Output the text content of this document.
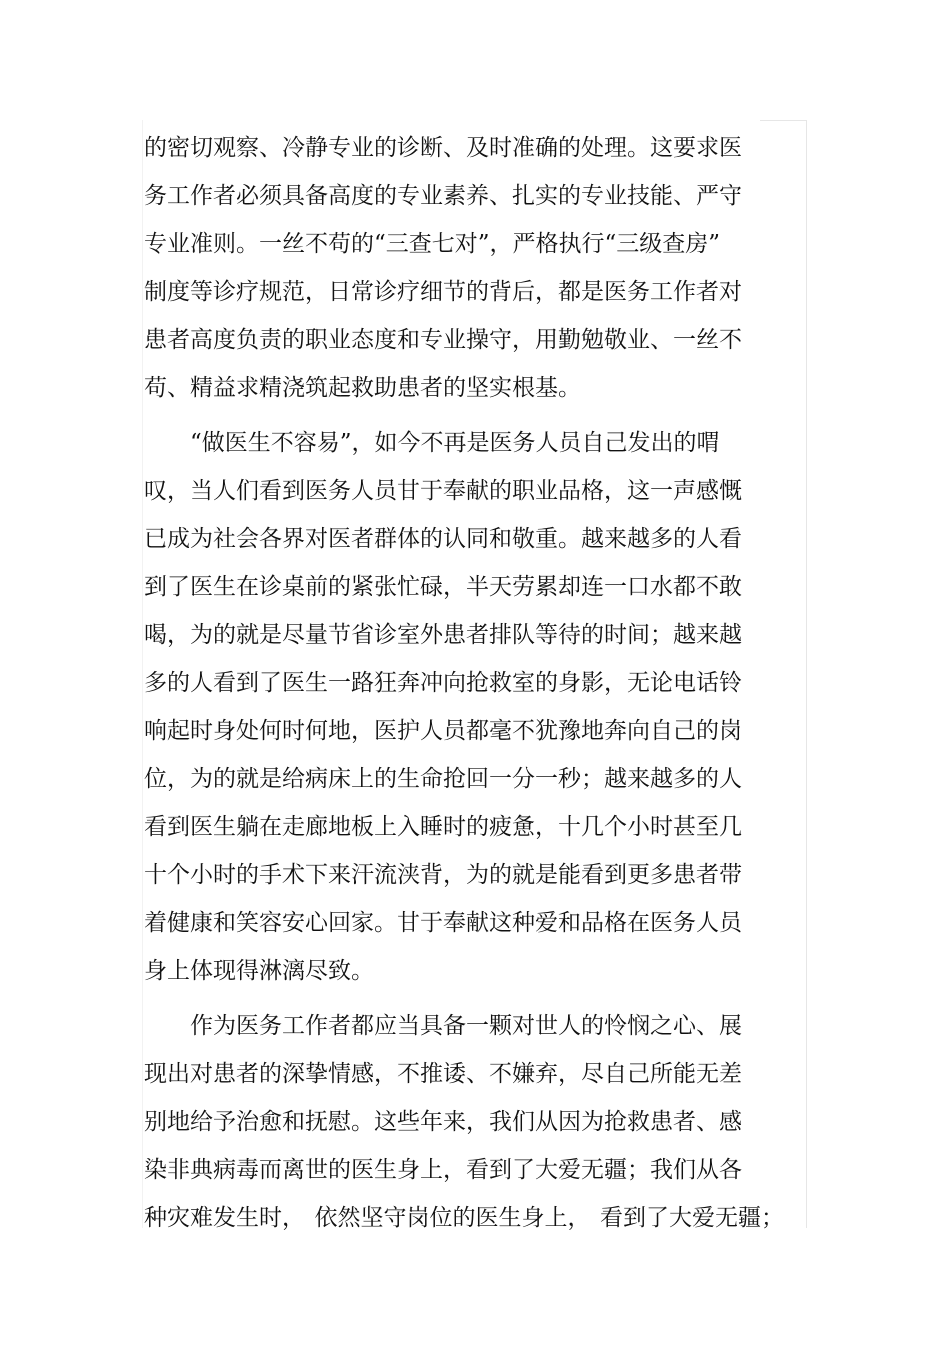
的密切观察、冷静专业的诊断、及时准确的处理。这要求医
务工作者必须具备高度的专业素养、扎实的专业技能、严守
专业准则。一丝不苟的“三查七对”，严格执行“三级查房”
制度等诊疗规范，日常诊疗细节的背后，都是医务工作者对
患者高度负责的职业态度和专业操守，用勤勉敬业、一丝不
苟、精益求精浇筑起救助患者的坚实根基。
“做医生不容易”，如今不再是医务人员自己发出的喟
叹，当人们看到医务人员甘于奉献的职业品格，这一声感慨
已成为社会各界对医者群体的认同和敬重。越来越多的人看
到了医生在诊桌前的紧张忙碌，半天劳累却连一口水都不敢
喝，为的就是尽量节省诊室外患者排队等待的时间；越来越
多的人看到了医生一路狂奔冲向抢救室的身影，无论电话铃
响起时身处何时何地，医护人员都毫不犹豫地奔向自己的岗
位，为的就是给病床上的生命抢回一分一秒；越来越多的人
看到医生躺在走廊地板上入睡时的疲惫，十几个小时甚至几
十个小时的手术下来汗流浃背，为的就是能看到更多患者带
着健康和笑容安心回家。甘于奉献这种爱和品格在医务人员
身上体现得淋漓尽致。
作为医务工作者都应当具备一颗对世人的怜悯之心、展
现出对患者的深挚情感，不推诿、不嫌弃，尽自己所能无差
别地给予治愈和抚慰。这些年来，我们从因为抢救患者、感
染非典病毒而离世的医生身上，看到了大爱无疆；我们从各
种灾难发生时， 依然坚守岗位的医生身上， 看到了大爱无疆；
